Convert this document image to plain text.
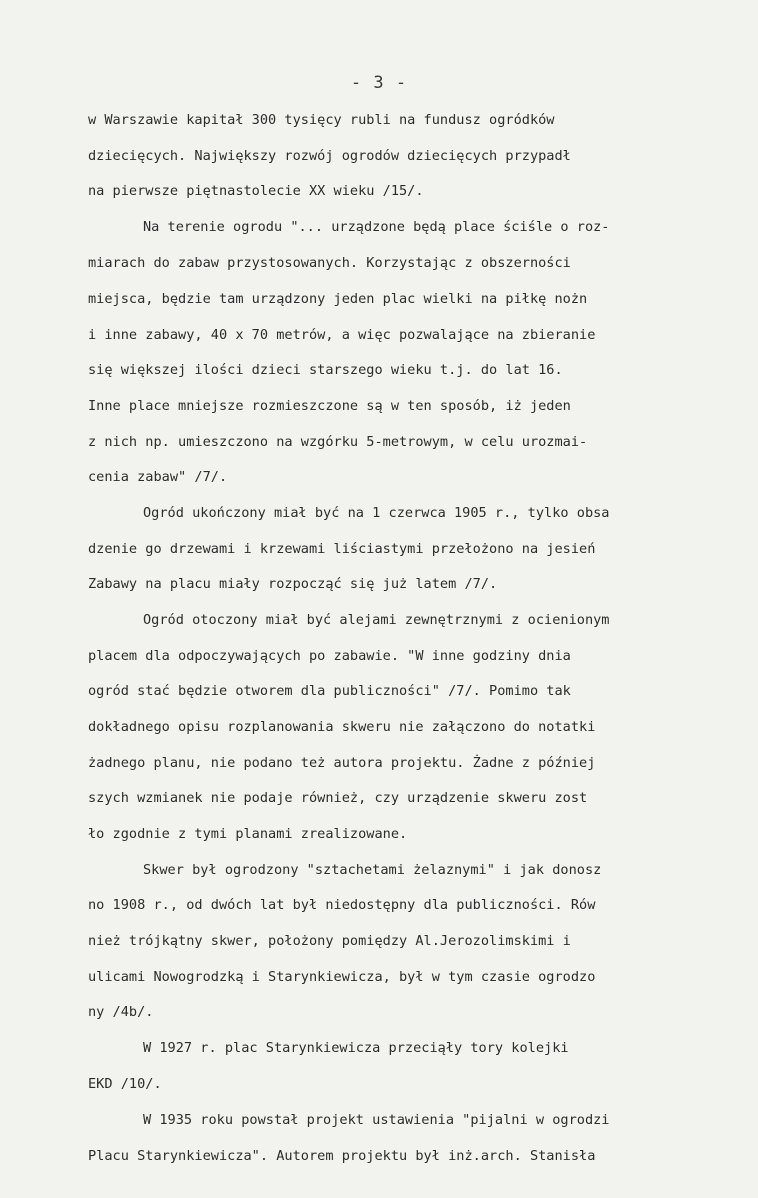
- 3 -
w Warszawie kapitał 300 tysięcy rubli na fundusz ogródków
dziecięcych. Największy rozwój ogrodów dziecięcych przypadł
na pierwsze piętnastolecie XX wieku /15/.
Na terenie ogrodu "... urządzone będą place ściśle o roz-
miarach do zabaw przystosowanych. Korzystając z obszerności
miejsca, będzie tam urządzony jeden plac wielki na piłkę nożn
i inne zabawy, 40 x 70 metrów, a więc pozwalające na zbieranie
się większej ilości dzieci starszego wieku t.j. do lat 16.
Inne place mniejsze rozmieszczone są w ten sposób, iż jeden
z nich np. umieszczono na wzgórku 5-metrowym, w celu urozmai-
cenia zabaw" /7/.
Ogród ukończony miał być na 1 czerwca 1905 r., tylko obsa
dzenie go drzewami i krzewami liściastymi przełożono na jesień
Zabawy na placu miały rozpocząć się już latem /7/.
Ogród otoczony miał być alejami zewnętrznymi z ocienionym
placem dla odpoczywających po zabawie. "W inne godziny dnia
ogród stać będzie otworem dla publiczności" /7/. Pomimo tak
dokładnego opisu rozplanowania skweru nie załączono do notatki
żadnego planu, nie podano też autora projektu. Żadne z później
szych wzmianek nie podaje również, czy urządzenie skweru zost
ło zgodnie z tymi planami zrealizowane.
Skwer był ogrodzony "sztachetami żelaznymi" i jak donosz
no 1908 r., od dwóch lat był niedostępny dla publiczności. Rów
nież trójkątny skwer, położony pomiędzy Al.Jerozolimskimi i
ulicami Nowogrodzką i Starynkiewicza, był w tym czasie ogrodzo
ny /4b/.
W 1927 r. plac Starynkiewicza przeciąły tory kolejki
EKD /10/.
W 1935 roku powstał projekt ustawienia "pijalni w ogrodzi
Placu Starynkiewicza". Autorem projektu był inż.arch. Stanisła
